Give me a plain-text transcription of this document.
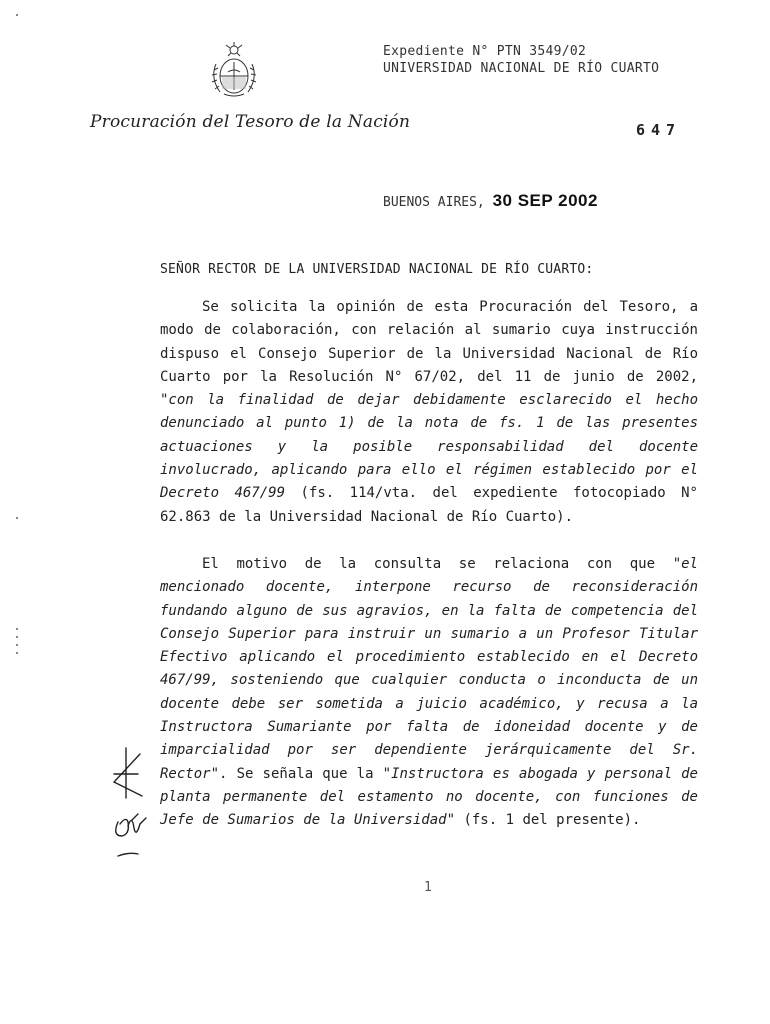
Expediente N° PTN 3549/02
UNIVERSIDAD NACIONAL DE RÍO CUARTO
Procuración del Tesoro de la Nación	647
BUENOS AIRES, 30 SEP 2002
SEÑOR RECTOR DE LA UNIVERSIDAD NACIONAL DE RÍO CUARTO:

Se solicita la opinión de esta Procuración del Tesoro, a modo de colaboración, con relación al sumario cuya instrucción dispuso el Consejo Superior de la Universidad Nacional de Río Cuarto por la Resolución N° 67/02, del 11 de junio de 2002, "con la finalidad de dejar debidamente esclarecido el hecho denunciado al punto 1) de la nota de fs. 1 de las presentes actuaciones y la posible responsabilidad del docente involucrado, aplicando para ello el régimen establecido por el Decreto 467/99 (fs. 114/vta. del expediente fotocopiado N° 62.863 de la Universidad Nacional de Río Cuarto).

El motivo de la consulta se relaciona con que "el mencionado docente, interpone recurso de reconsideración fundando alguno de sus agravios, en la falta de competencia del Consejo Superior para instruir un sumario a un Profesor Titular Efectivo aplicando el procedimiento establecido en el Decreto 467/99, sosteniendo que cualquier conducta o inconducta de un docente debe ser sometida a juicio académico, y recusa a la Instructora Sumariante por falta de idoneidad docente y de imparcialidad por ser dependiente jerárquicamente del Sr. Rector". Se señala que la "Instructora es abogada y personal de planta permanente del estamento no docente, con funciones de Jefe de Sumarios de la Universidad" (fs. 1 del presente).

1
